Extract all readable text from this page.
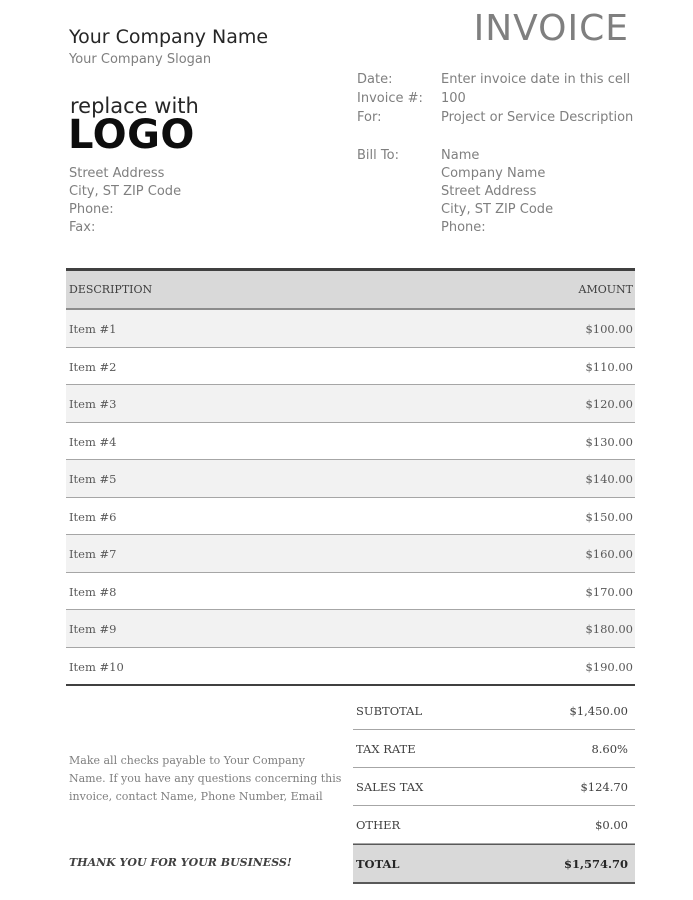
Your Company Name
Your Company Slogan
replace with
LOGO
Street Address
City, ST ZIP Code
Phone:
Fax:
INVOICE
Date:	Enter invoice date in this cell
Invoice #: 100
For:	Project or Service Description
Bill To:	Name
Company Name
Street Address
City, ST ZIP Code
Phone:
DESCRIPTION	AMOUNT
Item #1	$100.00
Item #2	$110.00
Item #3	$120.00
Item #4	$130.00
Item #5	$140.00
Item #6	$150.00
Item #7	$160.00
Item #8	$170.00
Item #9	$180.00
Item #10	$190.00
SUBTOTAL	$1,450.00
TAX RATE	8.60%
SALES TAX	$124.70
OTHER	$0.00
TOTAL	$1,574.70
Make all checks payable to Your Company Name. If you have any questions concerning this invoice, contact Name, Phone Number, Email
THANK YOU FOR YOUR BUSINESS!
